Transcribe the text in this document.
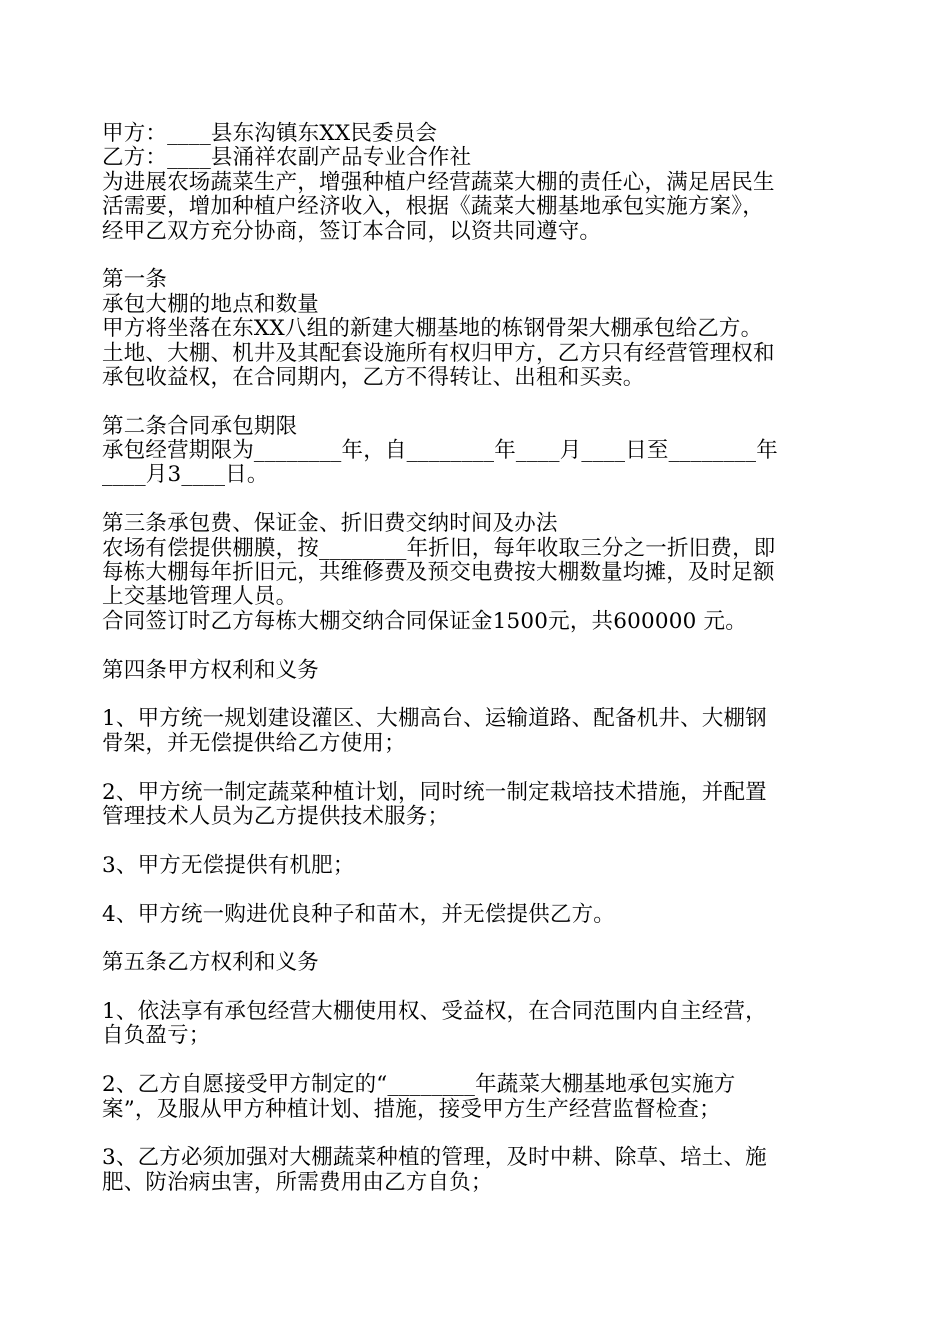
甲方：____县东沟镇东XX民委员会
乙方：____县涌祥农副产品专业合作社
为进展农场蔬菜生产，增强种植户经营蔬菜大棚的责任心，满足居民生
活需要，增加种植户经济收入，根据《蔬菜大棚基地承包实施方案》，
经甲乙双方充分协商，签订本合同，以资共同遵守。
第一条
承包大棚的地点和数量
甲方将坐落在东XX八组的新建大棚基地的栋钢骨架大棚承包给乙方。
土地、大棚、机井及其配套设施所有权归甲方，乙方只有经营管理权和
承包收益权，在合同期内，乙方不得转让、出租和买卖。
第二条合同承包期限
承包经营期限为________年，自________年____月____日至________年
____月3____日。
第三条承包费、保证金、折旧费交纳时间及办法
农场有偿提供棚膜，按________年折旧，每年收取三分之一折旧费，即
每栋大棚每年折旧元，共维修费及预交电费按大棚数量均摊，及时足额
上交基地管理人员。
合同签订时乙方每栋大棚交纳合同保证金1500元，共600000 元。
第四条甲方权利和义务
1、甲方统一规划建设灌区、大棚高台、运输道路、配备机井、大棚钢
骨架，并无偿提供给乙方使用；
2、甲方统一制定蔬菜种植计划，同时统一制定栽培技术措施，并配置
管理技术人员为乙方提供技术服务；
3、甲方无偿提供有机肥；
4、甲方统一购进优良种子和苗木，并无偿提供乙方。
第五条乙方权利和义务
1、依法享有承包经营大棚使用权、受益权，在合同范围内自主经营，
自负盈亏；
2、乙方自愿接受甲方制定的“________年蔬菜大棚基地承包实施方
案”，及服从甲方种植计划、措施，接受甲方生产经营监督检查；
3、乙方必须加强对大棚蔬菜种植的管理，及时中耕、除草、培土、施
肥、防治病虫害，所需费用由乙方自负；
